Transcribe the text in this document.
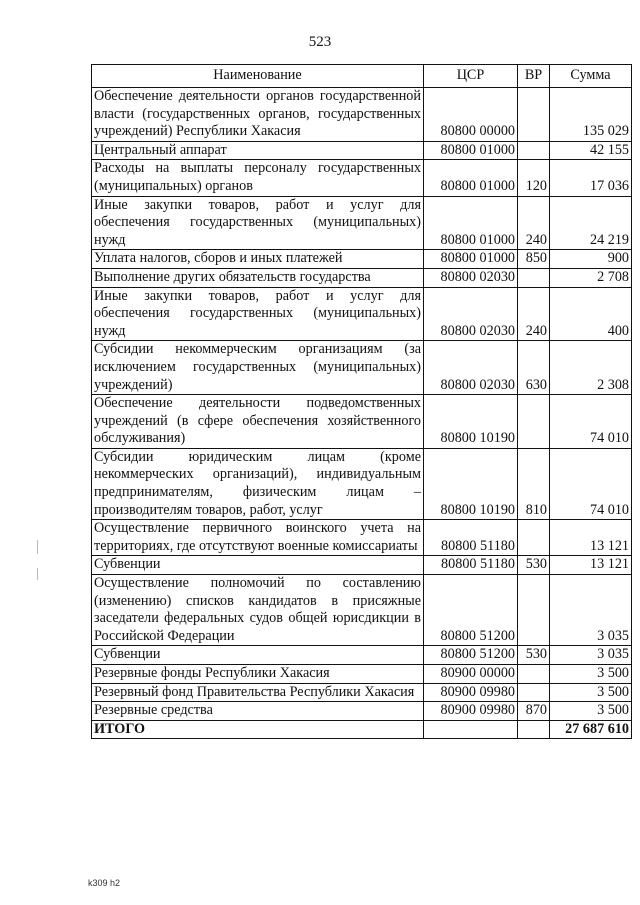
523
Наименование	ЦСР	ВР	Сумма
Обеспечение деятельности органов государственной власти (государственных органов, государственных учреждений) Республики Хакасия	80800 00000		135 029
Центральный аппарат	80800 01000		42 155
Расходы на выплаты персоналу государственных (муниципальных) органов	80800 01000	120	17 036
Иные закупки товаров, работ и услуг для обеспечения государственных (муниципальных) нужд	80800 01000	240	24 219
Уплата налогов, сборов и иных платежей	80800 01000	850	900
Выполнение других обязательств государства	80800 02030		2 708
Иные закупки товаров, работ и услуг для обеспечения государственных (муниципальных) нужд	80800 02030	240	400
Субсидии некоммерческим организациям (за исключением государственных (муниципальных) учреждений)	80800 02030	630	2 308
Обеспечение деятельности подведомственных учреждений (в сфере обеспечения хозяйственного обслуживания)	80800 10190		74 010
Субсидии юридическим лицам (кроме некоммерческих организаций), индивидуальным предпринимателям, физическим лицам – производителям товаров, работ, услуг	80800 10190	810	74 010
Осуществление первичного воинского учета на территориях, где отсутствуют военные комиссариаты	80800 51180		13 121
Субвенции	80800 51180	530	13 121
Осуществление полномочий по составлению (изменению) списков кандидатов в присяжные заседатели федеральных судов общей юрисдикции в Российской Федерации	80800 51200		3 035
Субвенции	80800 51200	530	3 035
Резервные фонды Республики Хакасия	80900 00000		3 500
Резервный фонд Правительства Республики Хакасия	80900 09980		3 500
Резервные средства	80900 09980	870	3 500
ИТОГО			27 687 610
k309 h2
